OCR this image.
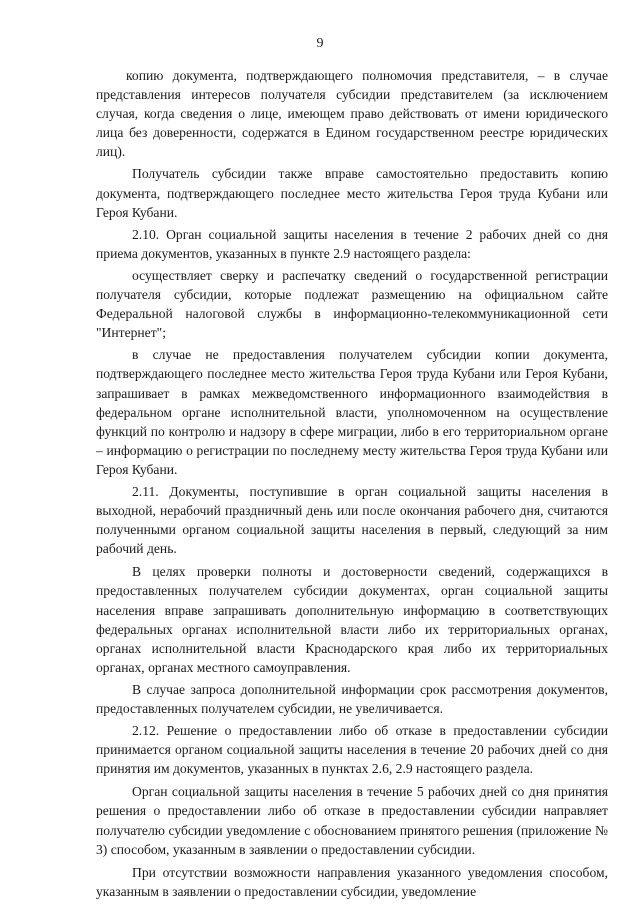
9

копию документа, подтверждающего полномочия представителя, – в случае представления интересов получателя субсидии представителем (за исключением случая, когда сведения о лице, имеющем право действовать от имени юридического лица без доверенности, содержатся в Едином государственном реестре юридических лиц).

Получатель субсидии также вправе самостоятельно предоставить копию документа, подтверждающего последнее место жительства Героя труда Кубани или Героя Кубани.

2.10. Орган социальной защиты населения в течение 2 рабочих дней со дня приема документов, указанных в пункте 2.9 настоящего раздела:

осуществляет сверку и распечатку сведений о государственной регистрации получателя субсидии, которые подлежат размещению на официальном сайте Федеральной налоговой службы в информационно-телекоммуникационной сети "Интернет";

в случае не предоставления получателем субсидии копии документа, подтверждающего последнее место жительства Героя труда Кубани или Героя Кубани, запрашивает в рамках межведомственного информационного взаимодействия в федеральном органе исполнительной власти, уполномоченном на осуществление функций по контролю и надзору в сфере миграции, либо в его территориальном органе – информацию о регистрации по последнему месту жительства Героя труда Кубани или Героя Кубани.

2.11. Документы, поступившие в орган социальной защиты населения в выходной, нерабочий праздничный день или после окончания рабочего дня, считаются полученными органом социальной защиты населения в первый, следующий за ним рабочий день.

В целях проверки полноты и достоверности сведений, содержащихся в предоставленных получателем субсидии документах, орган социальной защиты населения вправе запрашивать дополнительную информацию в соответствующих федеральных органах исполнительной власти либо их территориальных органах, органах исполнительной власти Краснодарского края либо их территориальных органах, органах местного самоуправления.

В случае запроса дополнительной информации срок рассмотрения документов, предоставленных получателем субсидии, не увеличивается.

2.12. Решение о предоставлении либо об отказе в предоставлении субсидии принимается органом социальной защиты населения в течение 20 рабочих дней со дня принятия им документов, указанных в пунктах 2.6, 2.9 настоящего раздела.

Орган социальной защиты населения в течение 5 рабочих дней со дня принятия решения о предоставлении либо об отказе в предоставлении субсидии направляет получателю субсидии уведомление с обоснованием принятого решения (приложение № 3) способом, указанным в заявлении о предоставлении субсидии.

При отсутствии возможности направления указанного уведомления способом, указанным в заявлении о предоставлении субсидии, уведомление
